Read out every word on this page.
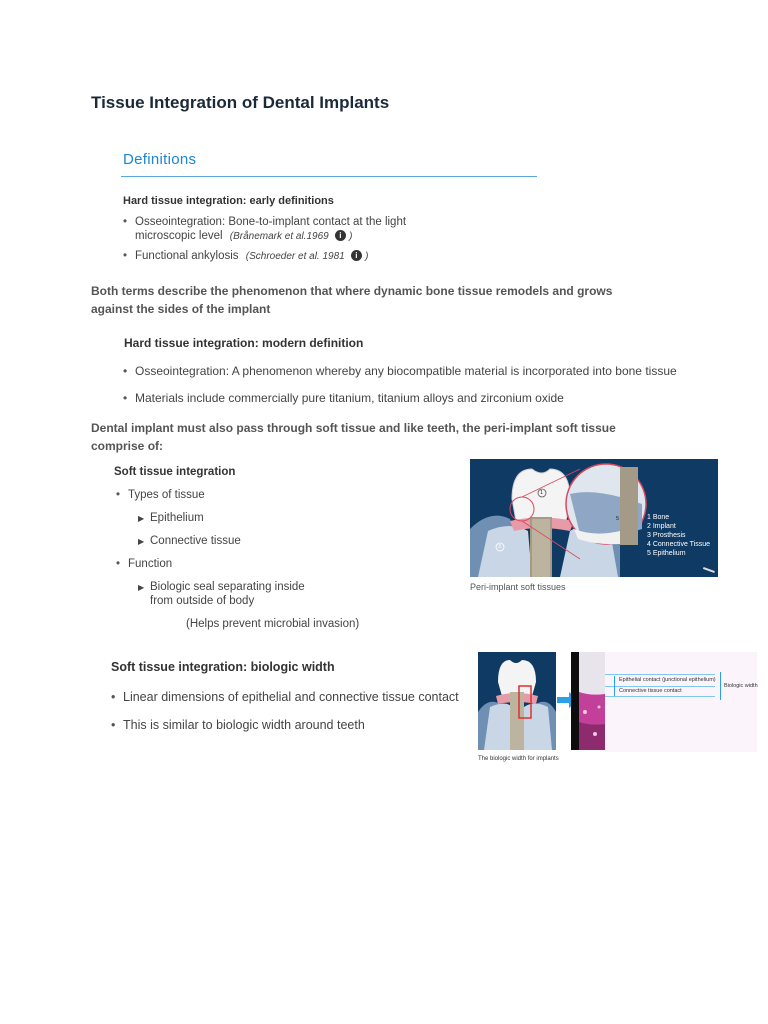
Tissue Integration of Dental Implants
Definitions
Hard tissue integration: early definitions
• Osseointegration: Bone-to-implant contact at the light
microscopic level (Brånemark et al.1969 i )
• Functional ankylosis (Schroeder et al. 1981 i )
Both terms describe the phenomenon that where dynamic bone tissue remodels and grows
against the sides of the implant
Hard tissue integration: modern definition
• Osseointegration: A phenomenon whereby any biocompatible material is incorporated into bone tissue
• Materials include commercially pure titanium, titanium alloys and zirconium oxide
Dental implant must also pass through soft tissue and like teeth, the peri-implant soft tissue
comprise of:
Soft tissue integration
• Types of tissue
▶ Epithelium
▶ Connective tissue
• Function
▶ Biologic seal separating inside
from outside of body
(Helps prevent microbial invasion)
1
3
5	1 Bone
2 Implant
3 Prosthesis
4 Connective Tissue
5 Epithelium
Peri-implant soft tissues
Soft tissue integration: biologic width
• Linear dimensions of epithelial and connective tissue contact
• This is similar to biologic width around teeth
Epithelial contact (junctional epithelium)
Connective tissue contact
Biologic width
The biologic width for implants
